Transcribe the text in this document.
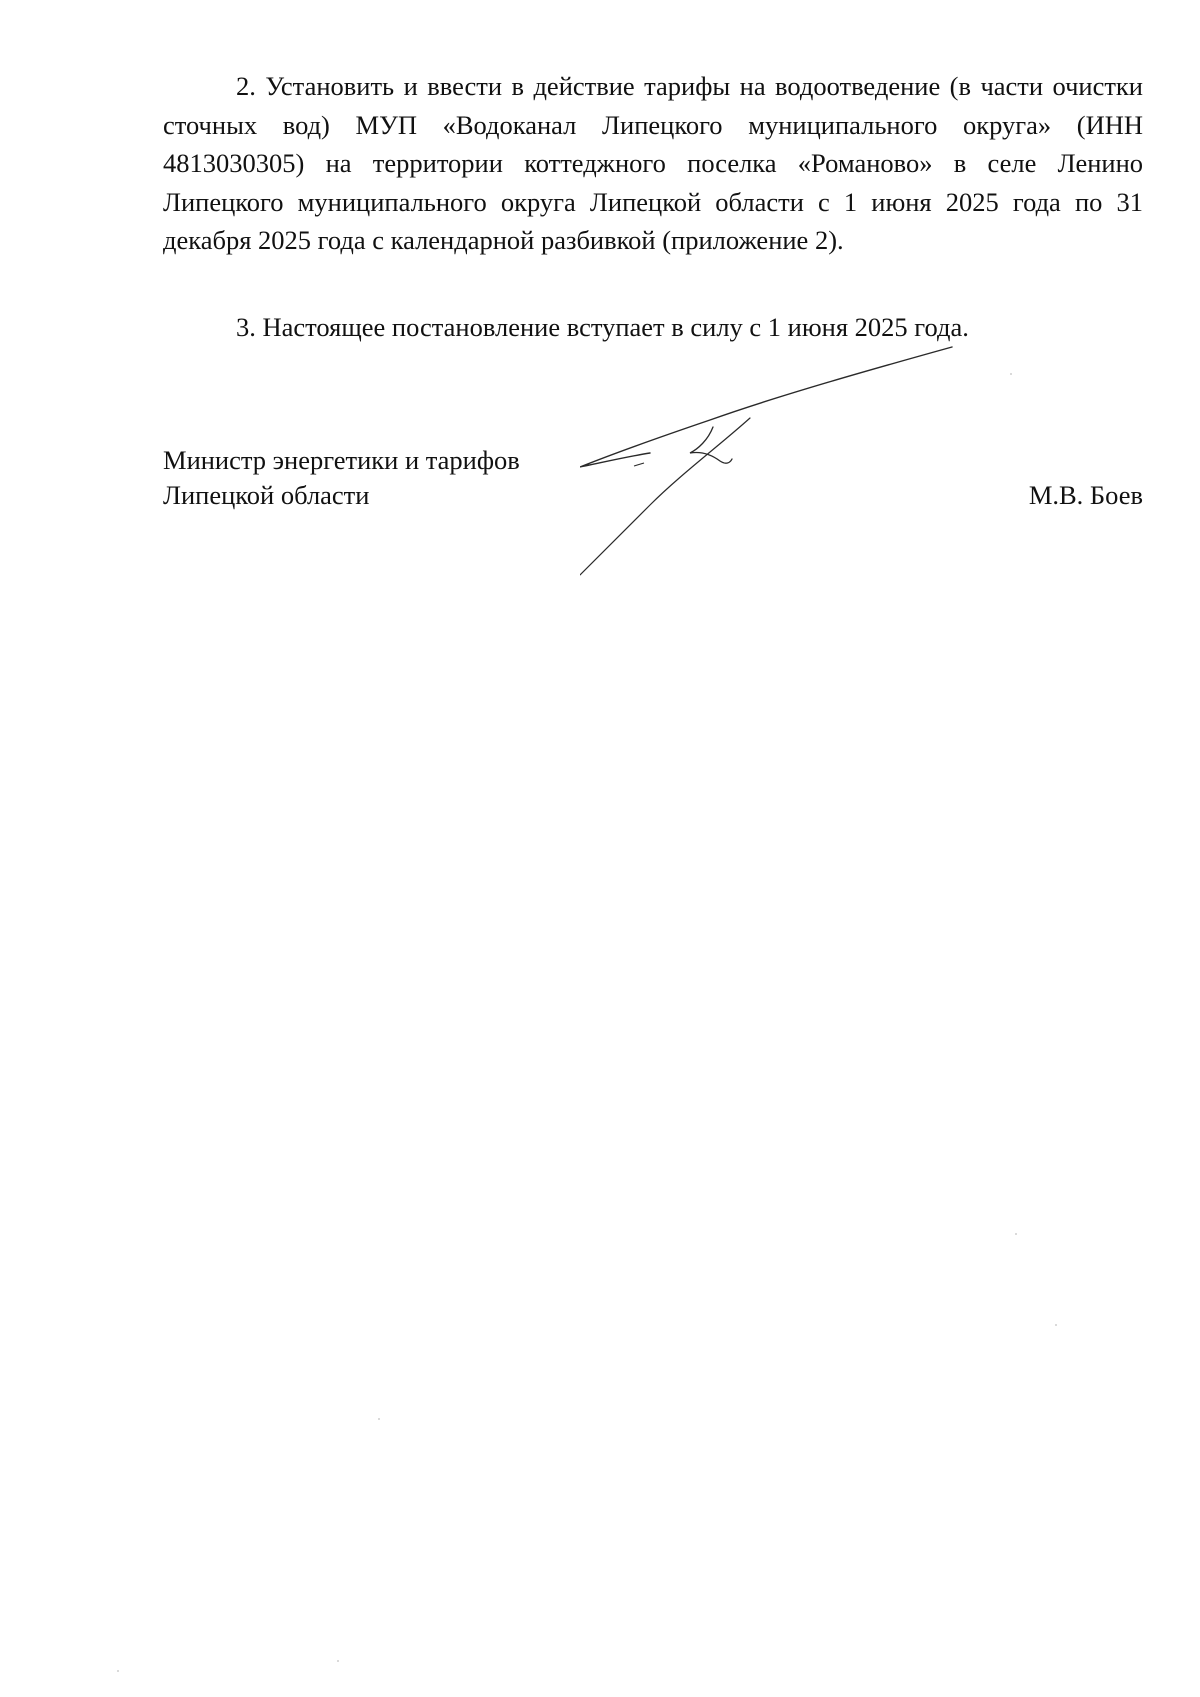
2. Установить и ввести в действие тарифы на водоотведение (в части очистки сточных вод) МУП «Водоканал Липецкого муниципального округа» (ИНН 4813030305) на территории коттеджного поселка «Романово» в селе Ленино Липецкого муниципального округа Липецкой области с 1 июня 2025 года по 31 декабря 2025 года с календарной разбивкой (приложение 2).

3. Настоящее постановление вступает в силу с 1 июня 2025 года.

Министр энергетики и тарифов
Липецкой области	М.В. Боев
